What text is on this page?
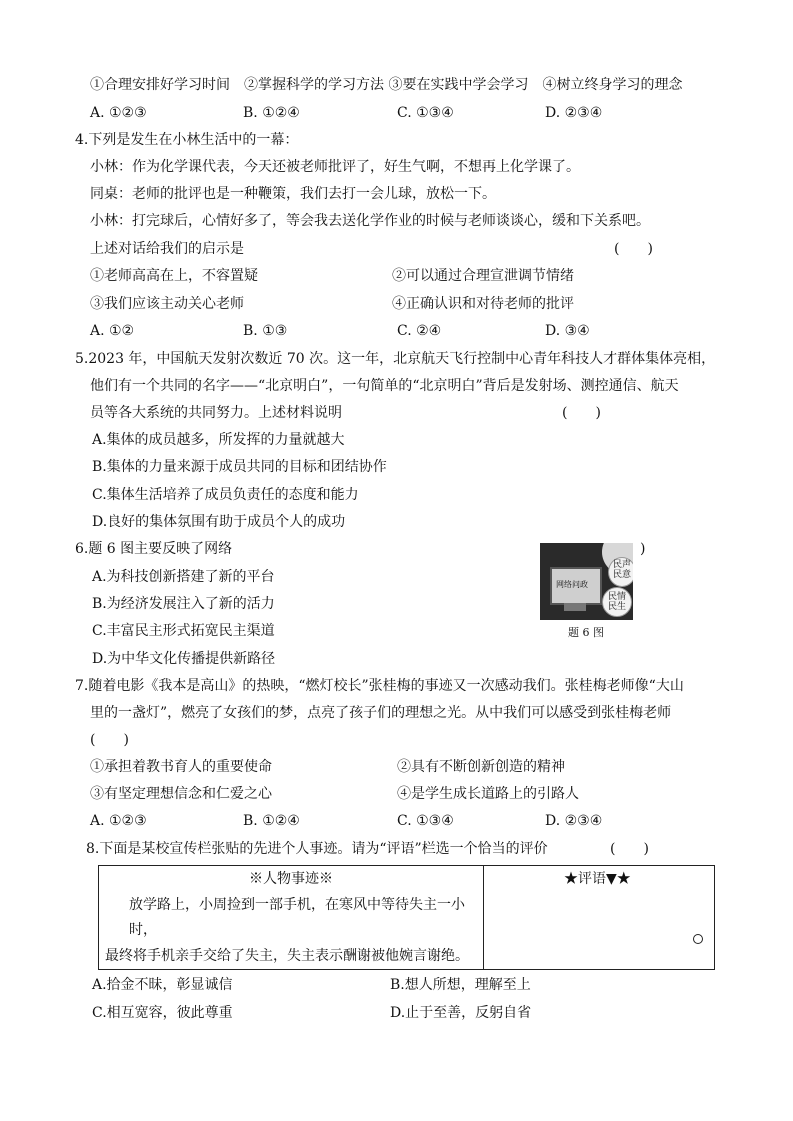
①合理安排好学习时间　②掌握科学的学习方法 ③要在实践中学会学习　④树立终身学习的理念
A. ①②③	B. ①②④	C. ①③④	D. ②③④
4.下列是发生在小林生活中的一幕：
小林：作为化学课代表，今天还被老师批评了，好生气啊，不想再上化学课了。
同桌：老师的批评也是一种鞭策，我们去打一会儿球，放松一下。
小林：打完球后，心情好多了，等会我去送化学作业的时候与老师谈谈心，缓和下关系吧。
上述对话给我们的启示是	(　　)
①老师高高在上，不容置疑	②可以通过合理宣泄调节情绪
③我们应该主动关心老师	④正确认识和对待老师的批评
A. ①②	B. ①③	C. ②④	D. ③④
5.2023 年，中国航天发射次数近 70 次。这一年，北京航天飞行控制中心青年科技人才群体集体亮相，
他们有一个共同的名字——“北京明白”，一句简单的“北京明白”背后是发射场、测控通信、航天
员等各大系统的共同努力。上述材料说明	(　　)
A.集体的成员越多，所发挥的力量就越大
B.集体的力量来源于成员共同的目标和团结协作
C.集体生活培养了成员负责任的态度和能力
D.良好的集体氛围有助于成员个人的成功
6.题 6 图主要反映了网络	)
A.为科技创新搭建了新的平台
B.为经济发展注入了新的活力
C.丰富民主形式拓宽民主渠道
D.为中华文化传播提供新路径
网络问政
民声
民意
民情
民生
题 6 图
7.随着电影《我本是高山》的热映，“燃灯校长”张桂梅的事迹又一次感动我们。张桂梅老师像“大山
里的一盏灯”，燃亮了女孩们的梦，点亮了孩子们的理想之光。从中我们可以感受到张桂梅老师
(　　)
①承担着教书育人的重要使命	②具有不断创新创造的精神
③有坚定理想信念和仁爱之心	④是学生成长道路上的引路人
A. ①②③	B. ①②④	C. ①③④	D. ②③④
8.下面是某校宣传栏张贴的先进个人事迹。请为“评语”栏选一个恰当的评价	(　　)
※人物事迹※	★评语▼★
放学路上，小周捡到一部手机，在寒风中等待失主一小
时，
最终将手机亲手交给了失主，失主表示酬谢被他婉言谢绝。
A.拾金不昧，彰显诚信	B.想人所想，理解至上
C.相互宽容，彼此尊重	D.止于至善，反躬自省
